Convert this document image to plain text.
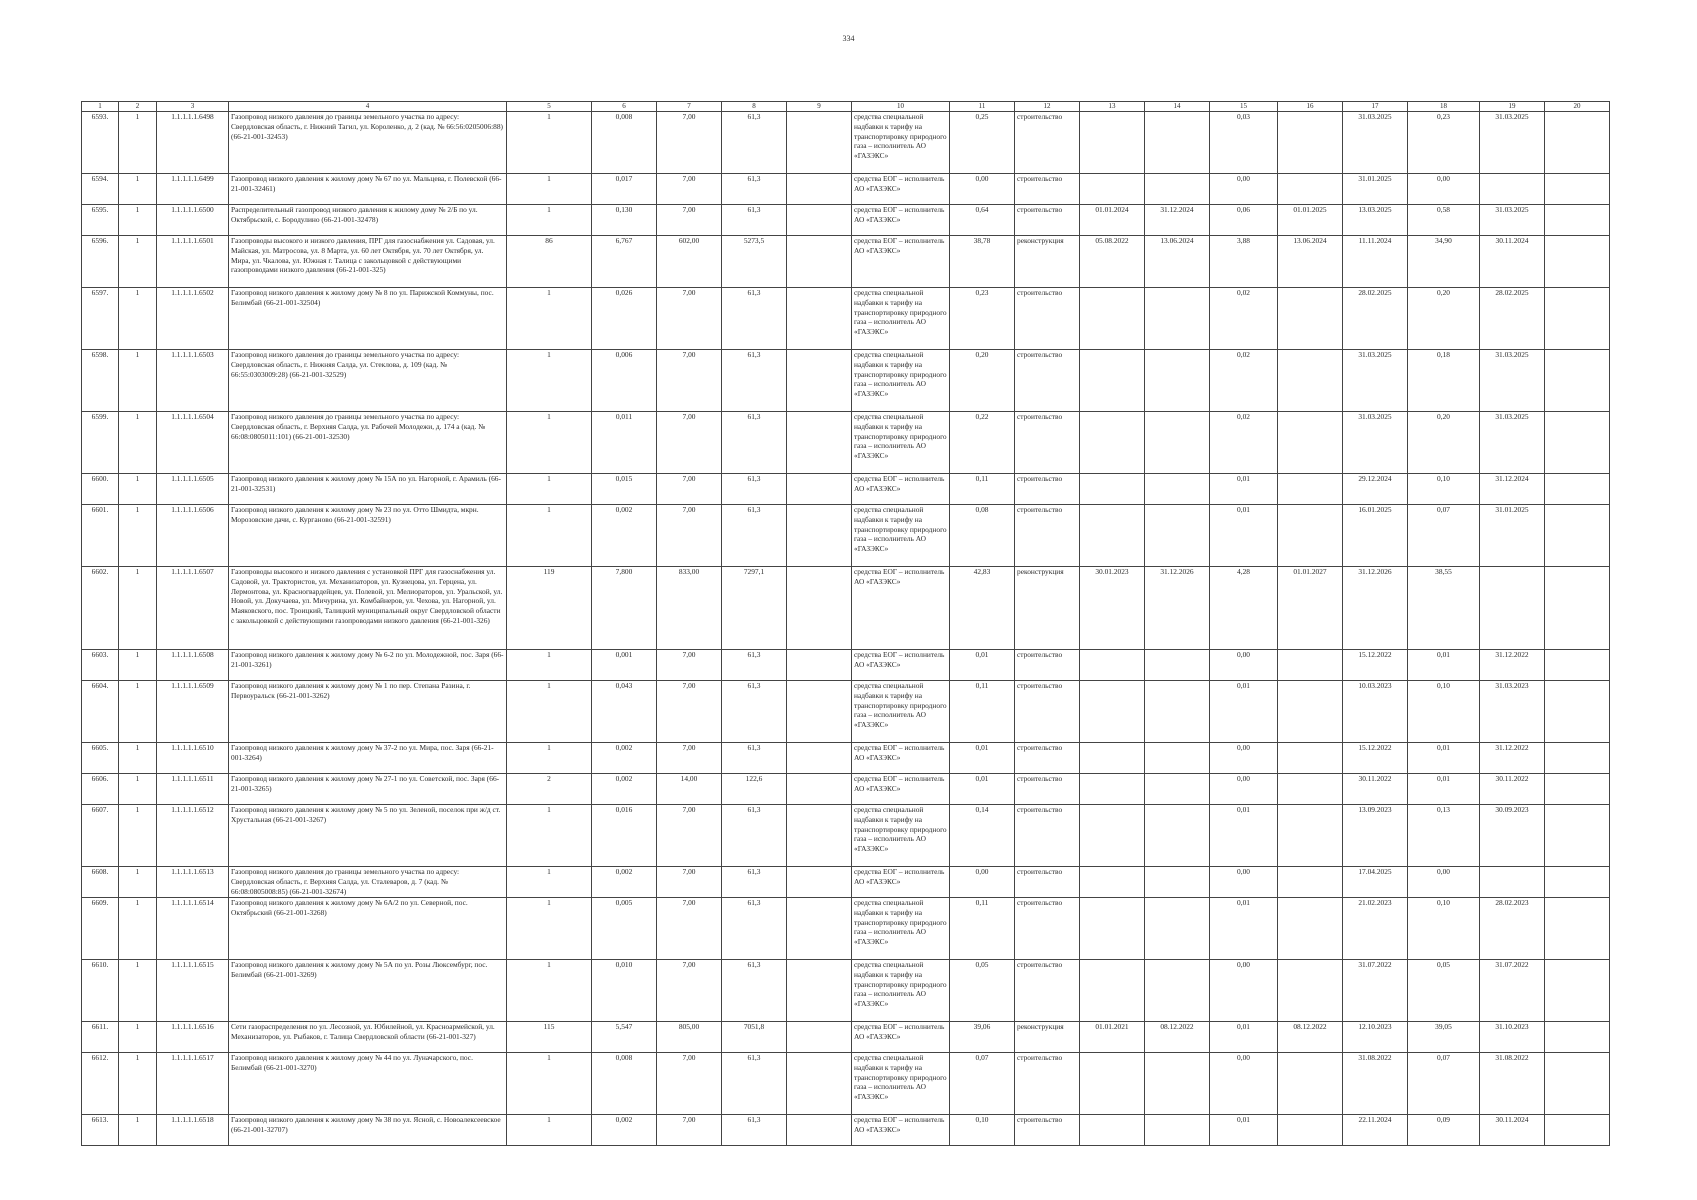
334
1	2	3	4	5	6	7	8	9	10	11	12	13	14	15	16	17	18	19	20
6593.	1	1.1.1.1.1.6498	Газопровод низкого давления до границы земельного участка по адресу: Свердловская область, г. Нижний Тагил, ул. Короленко, д. 2 (кад. № 66:56:0205006:88) (66-21-001-32453)	1	0,008	7,00	61,3		средства специальной надбавки к тарифу на транспортировку природного газа – исполнитель АО «ГАЗЭКС»	0,25	строительство			0,03		31.03.2025	0,23	31.03.2025	
6594.	1	1.1.1.1.1.6499	Газопровод низкого давления к жилому дому № 67 по ул. Мальцева, г. Полевской (66-21-001-32461)	1	0,017	7,00	61,3		средства ЕОГ – исполнитель АО «ГАЗЭКС»	0,00	строительство			0,00		31.01.2025	0,00		
6595.	1	1.1.1.1.1.6500	Распределительный газопровод низкого давления к жилому дому № 2/Б по ул. Октябрьской, с. Бородулино (66-21-001-32478)	1	0,130	7,00	61,3		средства ЕОГ – исполнитель АО «ГАЗЭКС»	0,64	строительство	01.01.2024	31.12.2024	0,06	01.01.2025	13.03.2025	0,58	31.03.2025	
6596.	1	1.1.1.1.1.6501	Газопроводы высокого и низкого давления, ПРГ для газоснабжения ул. Садовая, ул. Майская, ул. Матросова, ул. 8 Марта, ул. 60 лет Октября, ул. 70 лет Октября, ул. Мира, ул. Чкалова, ул. Южная г. Талица с закольцовкой с действующими газопроводами низкого давления (66-21-001-325)	86	6,767	602,00	5273,5		средства ЕОГ – исполнитель АО «ГАЗЭКС»	38,78	реконструкция	05.08.2022	13.06.2024	3,88	13.06.2024	11.11.2024	34,90	30.11.2024	
6597.	1	1.1.1.1.1.6502	Газопровод низкого давления к жилому дому № 8 по ул. Парижской Коммуны, пос. Белимбай (66-21-001-32504)	1	0,026	7,00	61,3		средства специальной надбавки к тарифу на транспортировку природного газа – исполнитель АО «ГАЗЭКС»	0,23	строительство			0,02		28.02.2025	0,20	28.02.2025	
6598.	1	1.1.1.1.1.6503	Газопровод низкого давления до границы земельного участка по адресу: Свердловская область, г. Нижняя Салда, ул. Стеклова, д. 109 (кад. № 66:55:0303009:28) (66-21-001-32529)	1	0,006	7,00	61,3		средства специальной надбавки к тарифу на транспортировку природного газа – исполнитель АО «ГАЗЭКС»	0,20	строительство			0,02		31.03.2025	0,18	31.03.2025	
6599.	1	1.1.1.1.1.6504	Газопровод низкого давления до границы земельного участка по адресу: Свердловская область, г. Верхняя Салда, ул. Рабочей Молодежи, д. 174 а (кад. № 66:08:0805011:101) (66-21-001-32530)	1	0,011	7,00	61,3		средства специальной надбавки к тарифу на транспортировку природного газа – исполнитель АО «ГАЗЭКС»	0,22	строительство			0,02		31.03.2025	0,20	31.03.2025	
6600.	1	1.1.1.1.1.6505	Газопровод низкого давления к жилому дому № 15А по ул. Нагорной, г. Арамиль (66-21-001-32531)	1	0,015	7,00	61,3		средства ЕОГ – исполнитель АО «ГАЗЭКС»	0,11	строительство			0,01		29.12.2024	0,10	31.12.2024	
6601.	1	1.1.1.1.1.6506	Газопровод низкого давления к жилому дому № 23 по ул. Отто Шмидта, мкрн. Морозовские дачи, с. Курганово (66-21-001-32591)	1	0,002	7,00	61,3		средства специальной надбавки к тарифу на транспортировку природного газа – исполнитель АО «ГАЗЭКС»	0,08	строительство			0,01		16.01.2025	0,07	31.01.2025	
6602.	1	1.1.1.1.1.6507	Газопроводы высокого и низкого давления с установкой ПРГ для газоснабжения ул. Садовой, ул. Трактористов, ул. Механизаторов, ул. Кузнецова, ул. Герцена, ул. Лермонтова, ул. Красногвардейцев, ул. Полевой, ул. Мелиораторов, ул. Уральской, ул. Новой, ул. Докучаева, ул. Мичурина, ул. Комбайнеров, ул. Чехова, ул. Нагорной, ул. Маяковского, пос. Троицкий, Талицкий муниципальный округ Свердловской области с закольцовкой с действующими газопроводами низкого давления (66-21-001-326)	119	7,800	833,00	7297,1		средства ЕОГ – исполнитель АО «ГАЗЭКС»	42,83	реконструкция	30.01.2023	31.12.2026	4,28	01.01.2027	31.12.2026	38,55		
6603.	1	1.1.1.1.1.6508	Газопровод низкого давления к жилому дому № 6-2 по ул. Молодежной, пос. Заря (66-21-001-3261)	1	0,001	7,00	61,3		средства ЕОГ – исполнитель АО «ГАЗЭКС»	0,01	строительство			0,00		15.12.2022	0,01	31.12.2022	
6604.	1	1.1.1.1.1.6509	Газопровод низкого давления к жилому дому № 1 по пер. Степана Разина, г. Первоуральск (66-21-001-3262)	1	0,043	7,00	61,3		средства специальной надбавки к тарифу на транспортировку природного газа – исполнитель АО «ГАЗЭКС»	0,11	строительство			0,01		10.03.2023	0,10	31.03.2023	
6605.	1	1.1.1.1.1.6510	Газопровод низкого давления к жилому дому № 37-2 по ул. Мира, пос. Заря (66-21-001-3264)	1	0,002	7,00	61,3		средства ЕОГ – исполнитель АО «ГАЗЭКС»	0,01	строительство			0,00		15.12.2022	0,01	31.12.2022	
6606.	1	1.1.1.1.1.6511	Газопровод низкого давления к жилому дому № 27-1 по ул. Советской, пос. Заря (66-21-001-3265)	2	0,002	14,00	122,6		средства ЕОГ – исполнитель АО «ГАЗЭКС»	0,01	строительство			0,00		30.11.2022	0,01	30.11.2022	
6607.	1	1.1.1.1.1.6512	Газопровод низкого давления к жилому дому № 5 по ул. Зеленой, поселок при ж/д ст. Хрустальная (66-21-001-3267)	1	0,016	7,00	61,3		средства специальной надбавки к тарифу на транспортировку природного газа – исполнитель АО «ГАЗЭКС»	0,14	строительство			0,01		13.09.2023	0,13	30.09.2023	
6608.	1	1.1.1.1.1.6513	Газопровод низкого давления до границы земельного участка по адресу: Свердловская область, г. Верхняя Салда, ул. Сталеваров, д. 7 (кад. № 66:08:0805008:85) (66-21-001-32674)	1	0,002	7,00	61,3		средства ЕОГ – исполнитель АО «ГАЗЭКС»	0,00	строительство			0,00		17.04.2025	0,00		
6609.	1	1.1.1.1.1.6514	Газопровод низкого давления к жилому дому № 6А/2 по ул. Северной, пос. Октябрьский (66-21-001-3268)	1	0,005	7,00	61,3		средства специальной надбавки к тарифу на транспортировку природного газа – исполнитель АО «ГАЗЭКС»	0,11	строительство			0,01		21.02.2023	0,10	28.02.2023	
6610.	1	1.1.1.1.1.6515	Газопровод низкого давления к жилому дому № 5А по ул. Розы Люксембург, пос. Белимбай (66-21-001-3269)	1	0,010	7,00	61,3		средства специальной надбавки к тарифу на транспортировку природного газа – исполнитель АО «ГАЗЭКС»	0,05	строительство			0,00		31.07.2022	0,05	31.07.2022	
6611.	1	1.1.1.1.1.6516	Сети газораспределения по ул. Лесозной, ул. Юбилейной, ул. Красноармейской, ул. Механизаторов, ул. Рыбаков, г. Талица Свердловской области (66-21-001-327)	115	5,547	805,00	7051,8		средства ЕОГ – исполнитель АО «ГАЗЭКС»	39,06	реконструкция	01.01.2021	08.12.2022	0,01	08.12.2022	12.10.2023	39,05	31.10.2023	
6612.	1	1.1.1.1.1.6517	Газопровод низкого давления к жилому дому № 44 по ул. Луначарского, пос. Белимбай (66-21-001-3270)	1	0,008	7,00	61,3		средства специальной надбавки к тарифу на транспортировку природного газа – исполнитель АО «ГАЗЭКС»	0,07	строительство			0,00		31.08.2022	0,07	31.08.2022	
6613.	1	1.1.1.1.1.6518	Газопровод низкого давления к жилому дому № 38 по ул. Ясной, с. Новоалексеевское (66-21-001-32707)	1	0,002	7,00	61,3		средства ЕОГ – исполнитель АО «ГАЗЭКС»	0,10	строительство			0,01		22.11.2024	0,09	30.11.2024	
